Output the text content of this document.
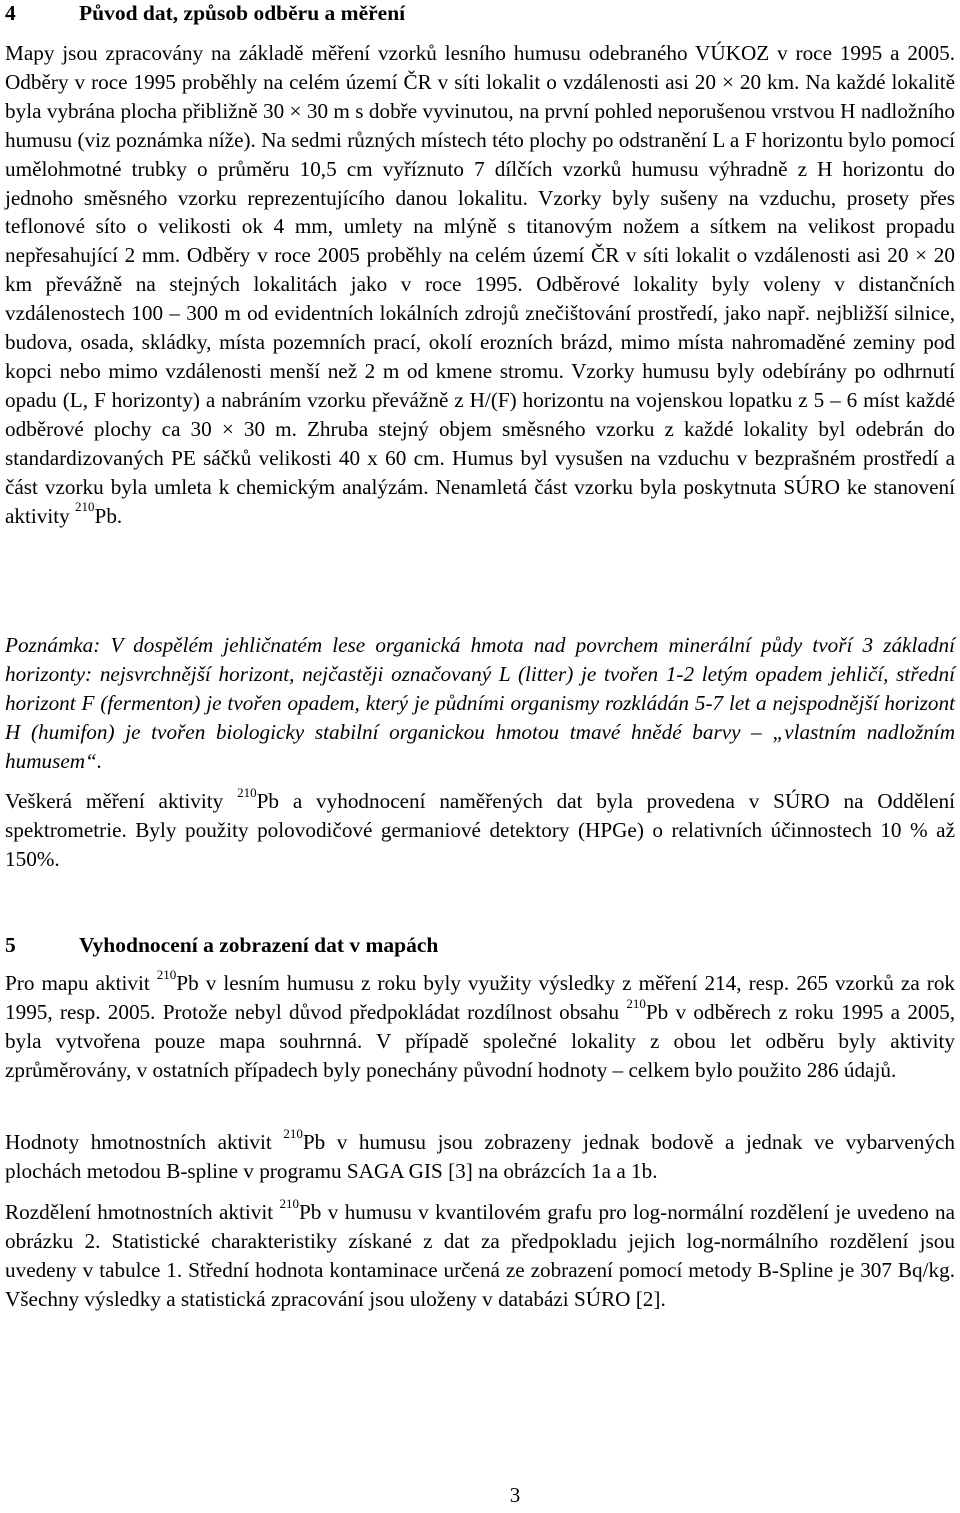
4	Původ dat, způsob odběru a měření
Mapy jsou zpracovány na základě měření vzorků lesního humusu odebraného VÚKOZ v roce 1995 a 2005. Odběry v roce 1995 proběhly na celém území ČR v síti lokalit o vzdálenosti asi 20 × 20 km. Na každé lokalitě byla vybrána plocha přibližně 30 × 30 m s dobře vyvinutou, na první pohled neporušenou vrstvou H nadložního humusu (viz poznámka níže). Na sedmi různých místech této plochy po odstranění L a F horizontu bylo pomocí umělohmotné trubky o průměru 10,5 cm vyříznuto 7 dílčích vzorků humusu výhradně z H horizontu do jednoho směsného vzorku reprezentujícího danou lokalitu. Vzorky byly sušeny na vzduchu, prosety přes teflonové síto o velikosti ok 4 mm, umlety na mlýně s titanovým nožem a sítkem na velikost propadu nepřesahující 2 mm. Odběry v roce 2005 proběhly na celém území ČR v síti lokalit o vzdálenosti asi 20 × 20 km převážně na stejných lokalitách jako v roce 1995. Odběrové lokality byly voleny v distančních vzdálenostech 100 – 300 m od evidentních lokálních zdrojů znečištování prostředí, jako např. nejbližší silnice, budova, osada, skládky, místa pozemních prací, okolí erozních brázd, mimo místa nahromaděné zeminy pod kopci nebo mimo vzdálenosti menší než 2 m od kmene stromu. Vzorky humusu byly odebírány po odhrnutí opadu (L, F horizonty) a nabráním vzorku převážně z H/(F) horizontu na vojenskou lopatku z 5 – 6 míst každé odběrové plochy ca 30 × 30 m. Zhruba stejný objem směsného vzorku z každé lokality byl odebrán do standardizovaných PE sáčků velikosti 40 x 60 cm. Humus byl vysušen na vzduchu v bezprašném prostředí a část vzorku byla umleta k chemickým analýzám. Nenamletá část vzorku byla poskytnuta SÚRO ke stanovení aktivity $^{210}$Pb.
Poznámka: V dospělém jehličnatém lese organická hmota nad povrchem minerální půdy tvoří 3 základní horizonty: nejsvrchnější horizont, nejčastěji označovaný L (litter) je tvořen 1-2 letým opadem jehličí, střední horizont F (fermenton) je tvořen opadem, který je půdními organismy rozkládán 5-7 let a nejspodnější horizont H (humifon) je tvořen biologicky stabilní organickou hmotou tmavé hnědé barvy – „vlastním nadložním humusem“.
Veškerá měření aktivity $^{210}$Pb a vyhodnocení naměřených dat byla provedena v SÚRO na Oddělení spektrometrie. Byly použity polovodičové germaniové detektory (HPGe) o relativních účinnostech 10 % až 150%.
5	Vyhodnocení a zobrazení dat v mapách
Pro mapu aktivit $^{210}$Pb v lesním humusu z roku byly využity výsledky z měření 214, resp. 265 vzorků za rok 1995, resp. 2005. Protože nebyl důvod předpokládat rozdílnost obsahu $^{210}$Pb v odběrech z roku 1995 a 2005, byla vytvořena pouze mapa souhrnná. V případě společné lokality z obou let odběru byly aktivity zprůměrovány, v ostatních případech byly ponechány původní hodnoty – celkem bylo použito 286 údajů.
Hodnoty hmotnostních aktivit $^{210}$Pb v humusu jsou zobrazeny jednak bodově a jednak ve vybarvených plochách metodou B-spline v programu SAGA GIS [3] na obrázcích 1a a 1b.
Rozdělení hmotnostních aktivit $^{210}$Pb v humusu v kvantilovém grafu pro log-normální rozdělení je uvedeno na obrázku 2. Statistické charakteristiky získané z dat za předpokladu jejich log-normálního rozdělení jsou uvedeny v tabulce 1. Střední hodnota kontaminace určená ze zobrazení pomocí metody B-Spline je 307 Bq/kg. Všechny výsledky a statistická zpracování jsou uloženy v databázi SÚRO [2].
3
